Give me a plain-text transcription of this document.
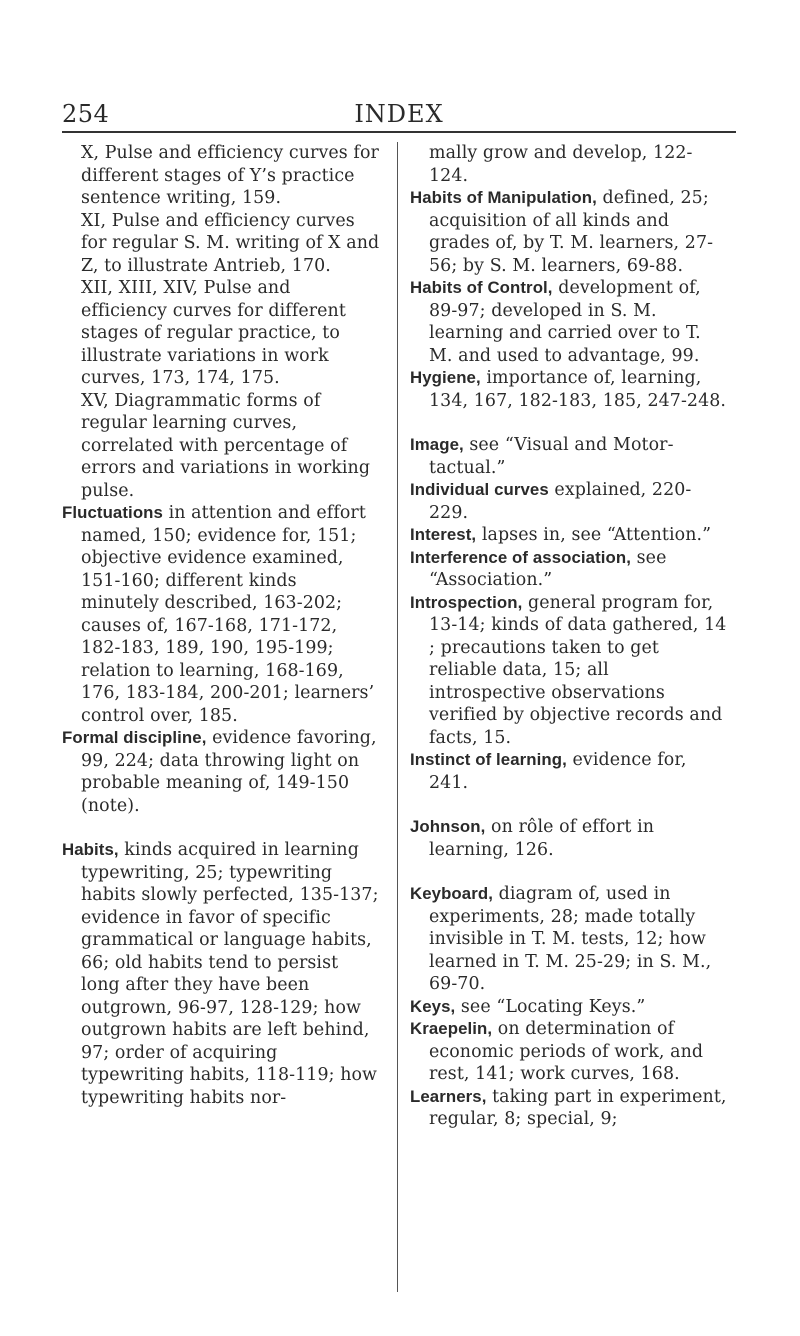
254	INDEX

X, Pulse and efficiency curves for different stages of Y’s practice sentence writing, 159.

XI, Pulse and efficiency curves for regular S. M. writing of X and Z, to illustrate Antrieb, 170.

XII, XIII, XIV, Pulse and efficiency curves for different stages of regular practice, to illustrate variations in work curves, 173, 174, 175.

XV, Diagrammatic forms of regular learning curves, correlated with percentage of errors and variations in working pulse.

Fluctuations in attention and effort named, 150; evidence for, 151; objective evidence examined, 151-160; different kinds minutely described, 163-202; causes of, 167-168, 171-172, 182-183, 189, 190, 195-199; relation to learning, 168-169, 176, 183-184, 200-201; learners’ control over, 185.

Formal discipline, evidence favoring, 99, 224; data throwing light on probable meaning of, 149-150 (note).

Habits, kinds acquired in learning typewriting, 25; typewriting habits slowly perfected, 135-137; evidence in favor of specific grammatical or language habits, 66; old habits tend to persist long after they have been outgrown, 96-97, 128-129; how outgrown habits are left behind, 97; order of acquiring typewriting habits, 118-119; how typewriting habits nor-

mally grow and develop, 122-124.

Habits of Manipulation, defined, 25; acquisition of all kinds and grades of, by T. M. learners, 27-56; by S. M. learners, 69-88.

Habits of Control, development of, 89-97; developed in S. M. learning and carried over to T. M. and used to advantage, 99.

Hygiene, importance of, learning, 134, 167, 182-183, 185, 247-248.

Image, see “Visual and Motor-tactual.”

Individual curves explained, 220-229.

Interest, lapses in, see “Attention.”

Interference of association, see “Association.”

Introspection, general program for, 13-14; kinds of data gathered, 14 ; precautions taken to get reliable data, 15; all introspective observations verified by objective records and facts, 15.

Instinct of learning, evidence for, 241.

Johnson, on rôle of effort in learning, 126.

Keyboard, diagram of, used in experiments, 28; made totally invisible in T. M. tests, 12; how learned in T. M. 25-29; in S. M., 69-70.

Keys, see “Locating Keys.”

Kraepelin, on determination of economic periods of work, and rest, 141; work curves, 168.

Learners, taking part in experiment, regular, 8; special, 9;
